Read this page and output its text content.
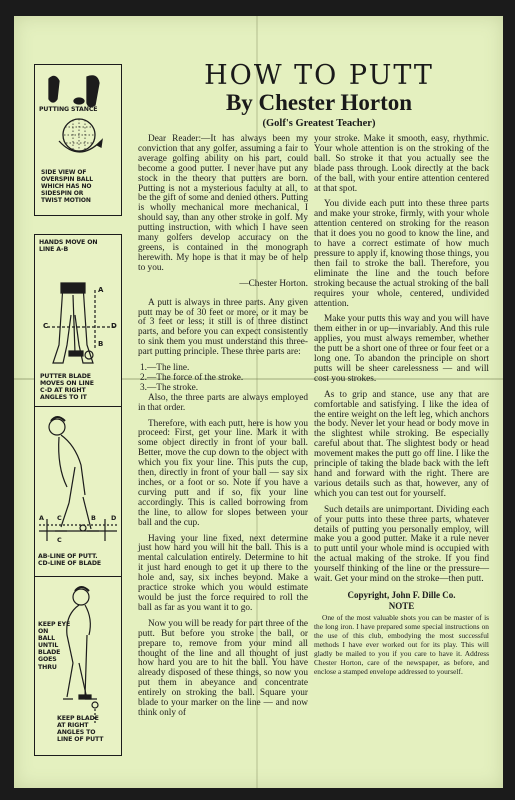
PUTTING STANCE
SIDE VIEW OF
OVERSPIN BALL
WHICH HAS NO
SIDESPIN OR
TWIST MOTION
HANDS MOVE ON
LINE A-B
A
B
C	D
PUTTER BLADE
MOVES ON LINE
C-D AT RIGHT
ANGLES TO IT
A C	B D
C
AB-LINE OF PUTT.
CD-LINE OF BLADE
KEEP EYE
ON
BALL
UNTIL
BLADE
GOES
THRU
KEEP BLADE
AT RIGHT
ANGLES TO
LINE OF PUTT
HOW TO PUTT
By Chester Horton
(Golf's Greatest Teacher)

Dear Reader:—It has always been my conviction that any golfer, assuming a fair to average golfing ability on his part, could become a good putter. I never have put any stock in the theory that putters are born. Putting is not a mysterious faculty at all, to be the gift of some and denied others. Putting is wholly mechanical more mechanical, I should say, than any other stroke in golf. My putting instruction, with which I have seen many golfers develop accuracy on the greens, is contained in the monograph herewith. My hope is that it may be of help to you.

—Chester Horton.

A putt is always in three parts. Any given putt may be of 30 feet or more, or it may be of 3 feet or less; it still is of three distinct parts, and before you can expect consistently to sink them you must understand this three-part putting principle. These three parts are:

1.—The line.
2.—The force of the stroke.
3.—The stroke.

Also, the three parts are always employed in that order.

Therefore, with each putt, here is how you proceed: First, get your line. Mark it with some object directly in front of your ball. Better, move the cup down to the object with which you fix your line. This puts the cup, then, directly in front of your ball — say six inches, or a foot or so. Note if you have a curving putt and if so, fix your line accordingly. This is called borrowing from the line, to allow for slopes between your ball and the cup.

Having your line fixed, next determine just how hard you will hit the ball. This is a mental calculation entirely. Determine to hit it just hard enough to get it up there to the hole and, say, six inches beyond. Make a practice stroke which you would estimate would be just the force required to roll the ball as far as you want it to go.

Now you will be ready for part three of the putt. But before you stroke the ball, or prepare to, remove from your mind all thought of the line and all thought of just how hard you are to hit the ball. You have already disposed of these things, so now you put them in abeyance and concentrate entirely on stroking the ball. Square your blade to your marker on the line — and now think only of

your stroke. Make it smooth, easy, rhythmic. Your whole attention is on the stroking of the ball. So stroke it that you actually see the blade pass through. Look directly at the back of the ball, with your entire attention centered at that spot.

You divide each putt into these three parts and make your stroke, firmly, with your whole attention centered on stroking for the reason that it does you no good to know the line, and to have a correct estimate of how much pressure to apply if, knowing those things, you then fail to stroke the ball. Therefore, you eliminate the line and the touch before stroking because the actual stroking of the ball requires your whole, centered, undivided attention.

Make your putts this way and you will have them either in or up—invariably. And this rule applies, you must always remember, whether the putt be a short one of three or four feet or a long one. To abandon the principle on short putts will be sheer carelessness — and will cost you strokes.

As to grip and stance, use any that are comfortable and satisfying. I like the idea of the entire weight on the left leg, which anchors the body. Never let your head or body move in the slightest while stroking. Be especially careful about that. The slightest body or head movement makes the putt go off line. I like the principle of taking the blade back with the left hand and forward with the right. There are various details such as that, however, any of which you can test out for yourself.

Such details are unimportant. Dividing each of your putts into these three parts, whatever details of putting you personally employ, will make you a good putter. Make it a rule never to putt until your whole mind is occupied with the actual making of the stroke. If you find yourself thinking of the line or the pressure—wait. Get your mind on the stroke—then putt.

Copyright, John F. Dille Co.

NOTE

One of the most valuable shots you can be master of is the long iron. I have prepared some special instructions on the use of this club, embodying the most successful methods I have ever worked out for its play. This will gladly be mailed to you if you care to have it. Address Chester Horton, care of the newspaper, as before, and enclose a stamped envelope addressed to yourself.
